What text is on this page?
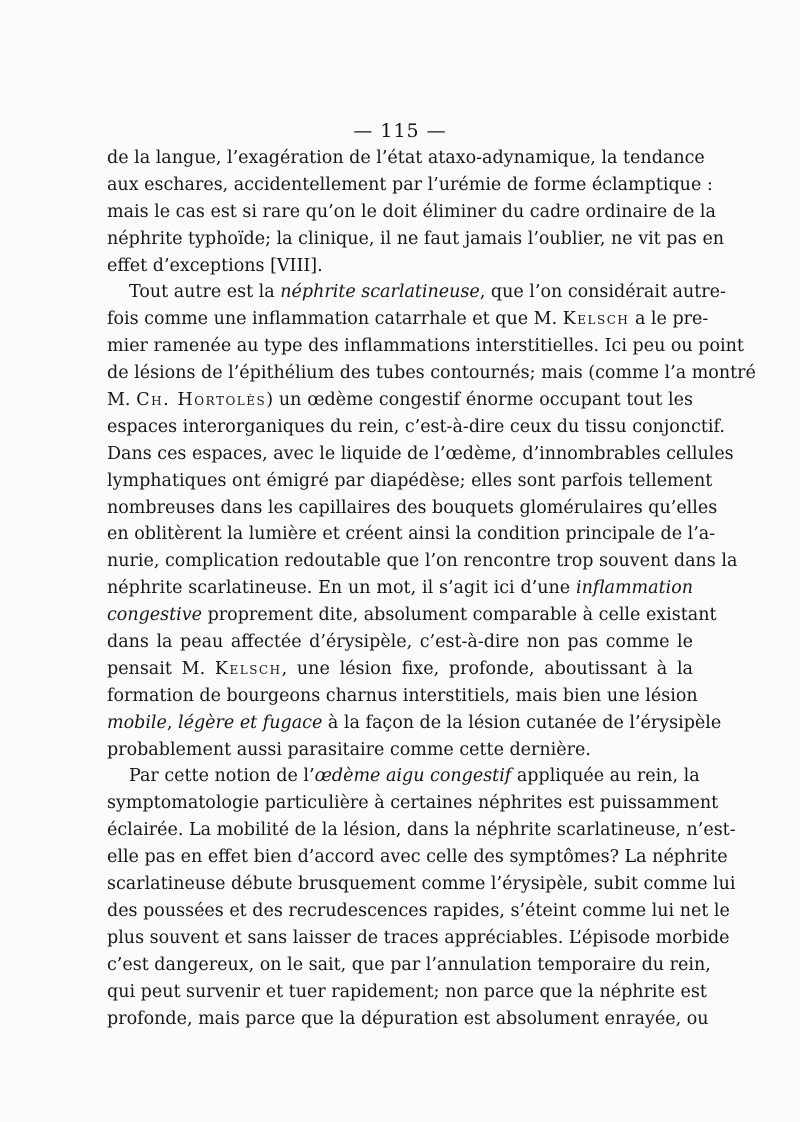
— 115 —
de la langue, l’exagération de l’état ataxo-adynamique, la tendance
aux eschares, accidentellement par l’urémie de forme éclamptique :
mais le cas est si rare qu’on le doit éliminer du cadre ordinaire de la
néphrite typhoïde; la clinique, il ne faut jamais l’oublier, ne vit pas en
effet d’exceptions [VIII].
Tout autre est la néphrite scarlatineuse, que l’on considérait autre-
fois comme une inflammation catarrhale et que M. Kelsch a le pre-
mier ramenée au type des inflammations interstitielles. Ici peu ou point
de lésions de l’épithélium des tubes contournés; mais (comme l’a montré
M. Ch. Hortolès) un œdème congestif énorme occupant tout les
espaces interorganiques du rein, c’est-à-dire ceux du tissu conjonctif.
Dans ces espaces, avec le liquide de l’œdème, d’innombrables cellules
lymphatiques ont émigré par diapédèse; elles sont parfois tellement
nombreuses dans les capillaires des bouquets glomérulaires qu’elles
en oblitèrent la lumière et créent ainsi la condition principale de l’a-
nurie, complication redoutable que l’on rencontre trop souvent dans la
néphrite scarlatineuse. En un mot, il s’agit ici d’une inflammation
congestive proprement dite, absolument comparable à celle existant
dans la peau affectée d’érysipèle, c’est-à-dire non pas comme le
pensait M. Kelsch, une lésion fixe, profonde, aboutissant à la
formation de bourgeons charnus interstitiels, mais bien une lésion
mobile, légère et fugace à la façon de la lésion cutanée de l’érysipèle
probablement aussi parasitaire comme cette dernière.
Par cette notion de l’œdème aigu congestif appliquée au rein, la
symptomatologie particulière à certaines néphrites est puissamment
éclairée. La mobilité de la lésion, dans la néphrite scarlatineuse, n’est-
elle pas en effet bien d’accord avec celle des symptômes? La néphrite
scarlatineuse débute brusquement comme l’érysipèle, subit comme lui
des poussées et des recrudescences rapides, s’éteint comme lui net le
plus souvent et sans laisser de traces appréciables. L’épisode morbide
c’est dangereux, on le sait, que par l’annulation temporaire du rein,
qui peut survenir et tuer rapidement; non parce que la néphrite est
profonde, mais parce que la dépuration est absolument enrayée, ou
